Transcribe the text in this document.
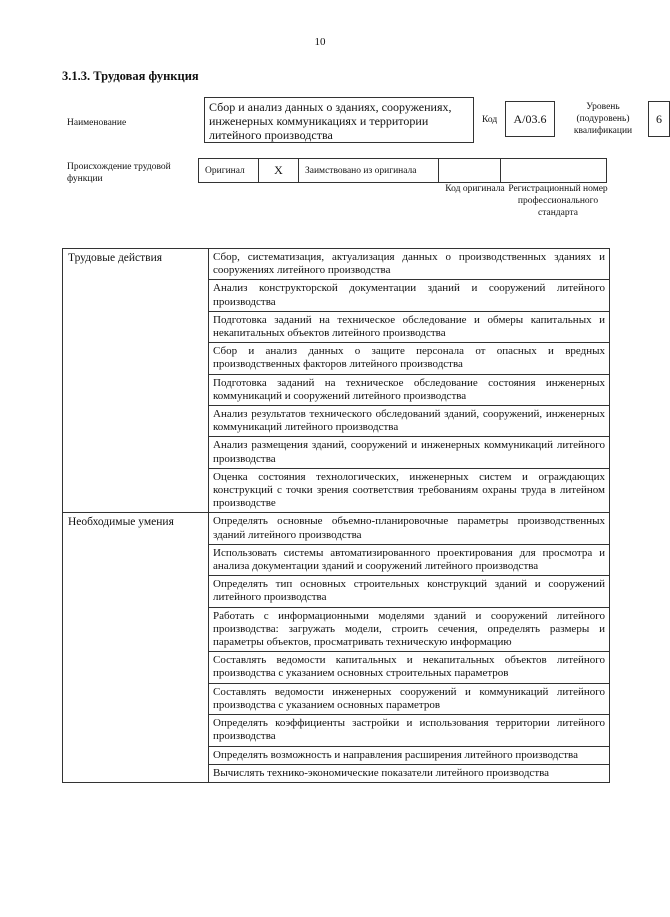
10
3.1.3. Трудовая функция
Наименование
Сбор и анализ данных о зданиях, сооружениях, инженерных коммуникациях и территории литейного производства
Код	A/03.6
Уровень (подуровень) квалификации
6
Происхождение трудовой функции
Оригинал	X	Заимствовано из оригинала		
Код оригинала Регистрационный номер профессионального стандарта
Трудовые действия	Сбор, систематизация, актуализация данных о производственных зданиях и сооружениях литейного производства
	Анализ конструкторской документации зданий и сооружений литейного производства
	Подготовка заданий на техническое обследование и обмеры капитальных и некапитальных объектов литейного производства
	Сбор и анализ данных о защите персонала от опасных и вредных производственных факторов литейного производства
	Подготовка заданий на техническое обследование состояния инженерных коммуникаций и сооружений литейного производства
	Анализ результатов технического обследований зданий, сооружений, инженерных коммуникаций литейного производства
	Анализ размещения зданий, сооружений и инженерных коммуникаций литейного производства
	Оценка состояния технологических, инженерных систем и ограждающих конструкций с точки зрения соответствия требованиям охраны труда в литейном производстве
Необходимые умения	Определять основные объемно-планировочные параметры производственных зданий литейного производства
	Использовать системы автоматизированного проектирования для просмотра и анализа документации зданий и сооружений литейного производства
	Определять тип основных строительных конструкций зданий и сооружений литейного производства
	Работать с информационными моделями зданий и сооружений литейного производства: загружать модели, строить сечения, определять размеры и параметры объектов, просматривать техническую информацию
	Составлять ведомости капитальных и некапитальных объектов литейного производства с указанием основных строительных параметров
	Составлять ведомости инженерных сооружений и коммуникаций литейного производства с указанием основных параметров
	Определять коэффициенты застройки и использования территории литейного производства
	Определять возможность и направления расширения литейного производства
	Вычислять технико-экономические показатели литейного производства
